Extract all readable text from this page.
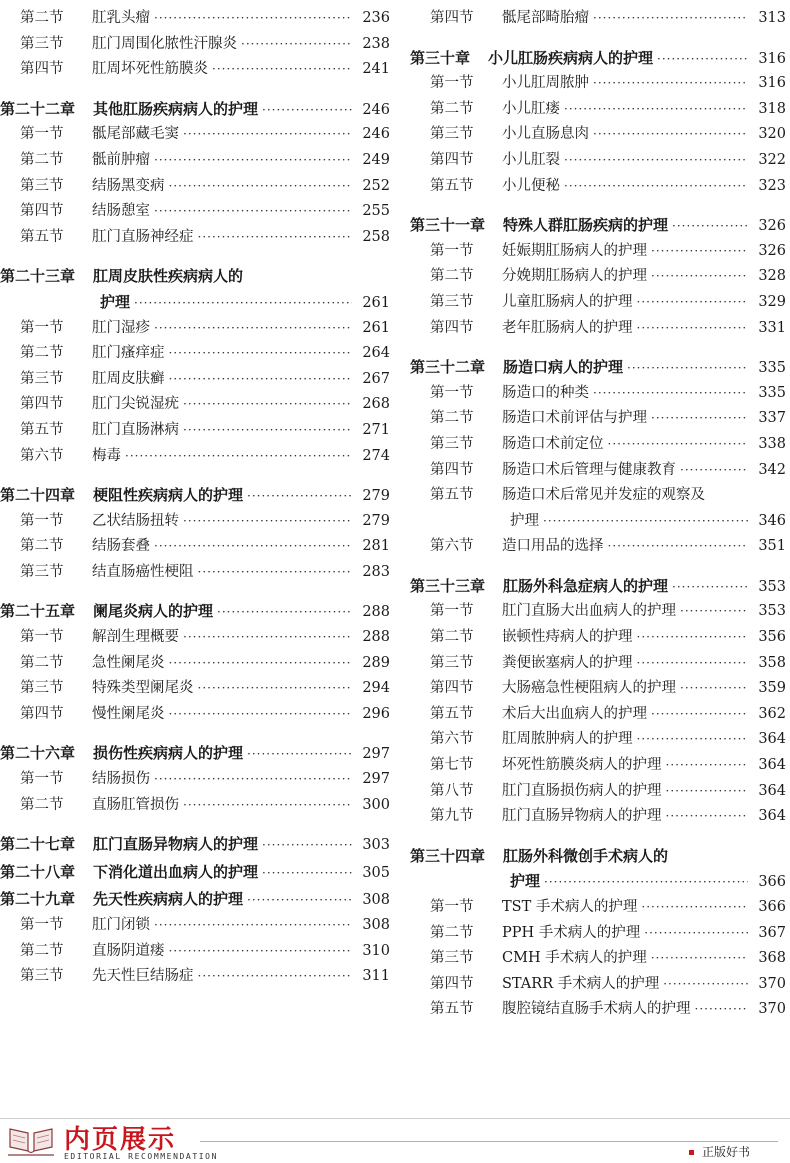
第二节	肛乳头瘤 ·····	236
第三节	肛门周围化脓性汗腺炎 ·····	238
第四节	肛周坏死性筋膜炎 ·····	241
第二十二章 其他肛肠疾病病人的护理 ·····	246
第一节	骶尾部藏毛窦 ·····	246
第二节	骶前肿瘤 ·····	249
第三节	结肠黑变病 ·····	252
第四节	结肠憩室 ·····	255
第五节	肛门直肠神经症 ·····	258
第二十三章 肛周皮肤性疾病病人的
护理 ·····	261
第一节	肛门湿疹 ·····	261
第二节	肛门瘙痒症 ·····	264
第三节	肛周皮肤癣 ·····	267
第四节	肛门尖锐湿疣 ·····	268
第五节	肛门直肠淋病 ·····	271
第六节	梅毒 ·····	274
第二十四章 梗阻性疾病病人的护理 ·····	279
第一节	乙状结肠扭转 ·····	279
第二节	结肠套叠 ·····	281
第三节	结直肠癌性梗阻 ·····	283
第二十五章 阑尾炎病人的护理 ·····	288
第一节	解剖生理概要 ·····	288
第二节	急性阑尾炎 ·····	289
第三节	特殊类型阑尾炎 ·····	294
第四节	慢性阑尾炎 ·····	296
第二十六章 损伤性疾病病人的护理 ·····	297
第一节	结肠损伤 ·····	297
第二节	直肠肛管损伤 ·····	300
第二十七章 肛门直肠异物病人的护理 ·····	303
第二十八章 下消化道出血病人的护理 ·····	305
第二十九章 先天性疾病病人的护理 ·····	308
第一节	肛门闭锁 ·····	308
第二节	直肠阴道瘘 ·····	310
第三节	先天性巨结肠症 ·····	311
第四节	骶尾部畸胎瘤 ·····	313
第三十章 小儿肛肠疾病病人的护理 ·····	316
第一节	小儿肛周脓肿 ·····	316
第二节	小儿肛瘘 ·····	318
第三节	小儿直肠息肉 ·····	320
第四节	小儿肛裂 ·····	322
第五节	小儿便秘 ·····	323
第三十一章 特殊人群肛肠疾病的护理 ·····	326
第一节	妊娠期肛肠病人的护理 ·····	326
第二节	分娩期肛肠病人的护理 ·····	328
第三节	儿童肛肠病人的护理 ·····	329
第四节	老年肛肠病人的护理 ·····	331
第三十二章 肠造口病人的护理 ·····	335
第一节	肠造口的种类 ·····	335
第二节	肠造口术前评估与护理 ·····	337
第三节	肠造口术前定位 ·····	338
第四节	肠造口术后管理与健康教育 ·····	342
第五节	肠造口术后常见并发症的观察及
护理 ·····	346
第六节	造口用品的选择 ·····	351
第三十三章 肛肠外科急症病人的护理 ·····	353
第一节	肛门直肠大出血病人的护理 ·····	353
第二节	嵌顿性痔病人的护理 ·····	356
第三节	粪便嵌塞病人的护理 ·····	358
第四节	大肠癌急性梗阻病人的护理 ·····	359
第五节	术后大出血病人的护理 ·····	362
第六节	肛周脓肿病人的护理 ·····	364
第七节	坏死性筋膜炎病人的护理 ·····	364
第八节	肛门直肠损伤病人的护理 ·····	364
第九节	肛门直肠异物病人的护理 ·····	364
第三十四章 肛肠外科微创手术病人的
护理 ·····	366
第一节	TST 手术病人的护理 ·····	366
第二节	PPH 手术病人的护理 ·····	367
第三节	CMH 手术病人的护理 ·····	368
第四节	STARR 手术病人的护理 ·····	370
第五节	腹腔镜结直肠手术病人的护理 ·····	370
内页展示
EDITORIAL RECOMMENDATION	正版好书
